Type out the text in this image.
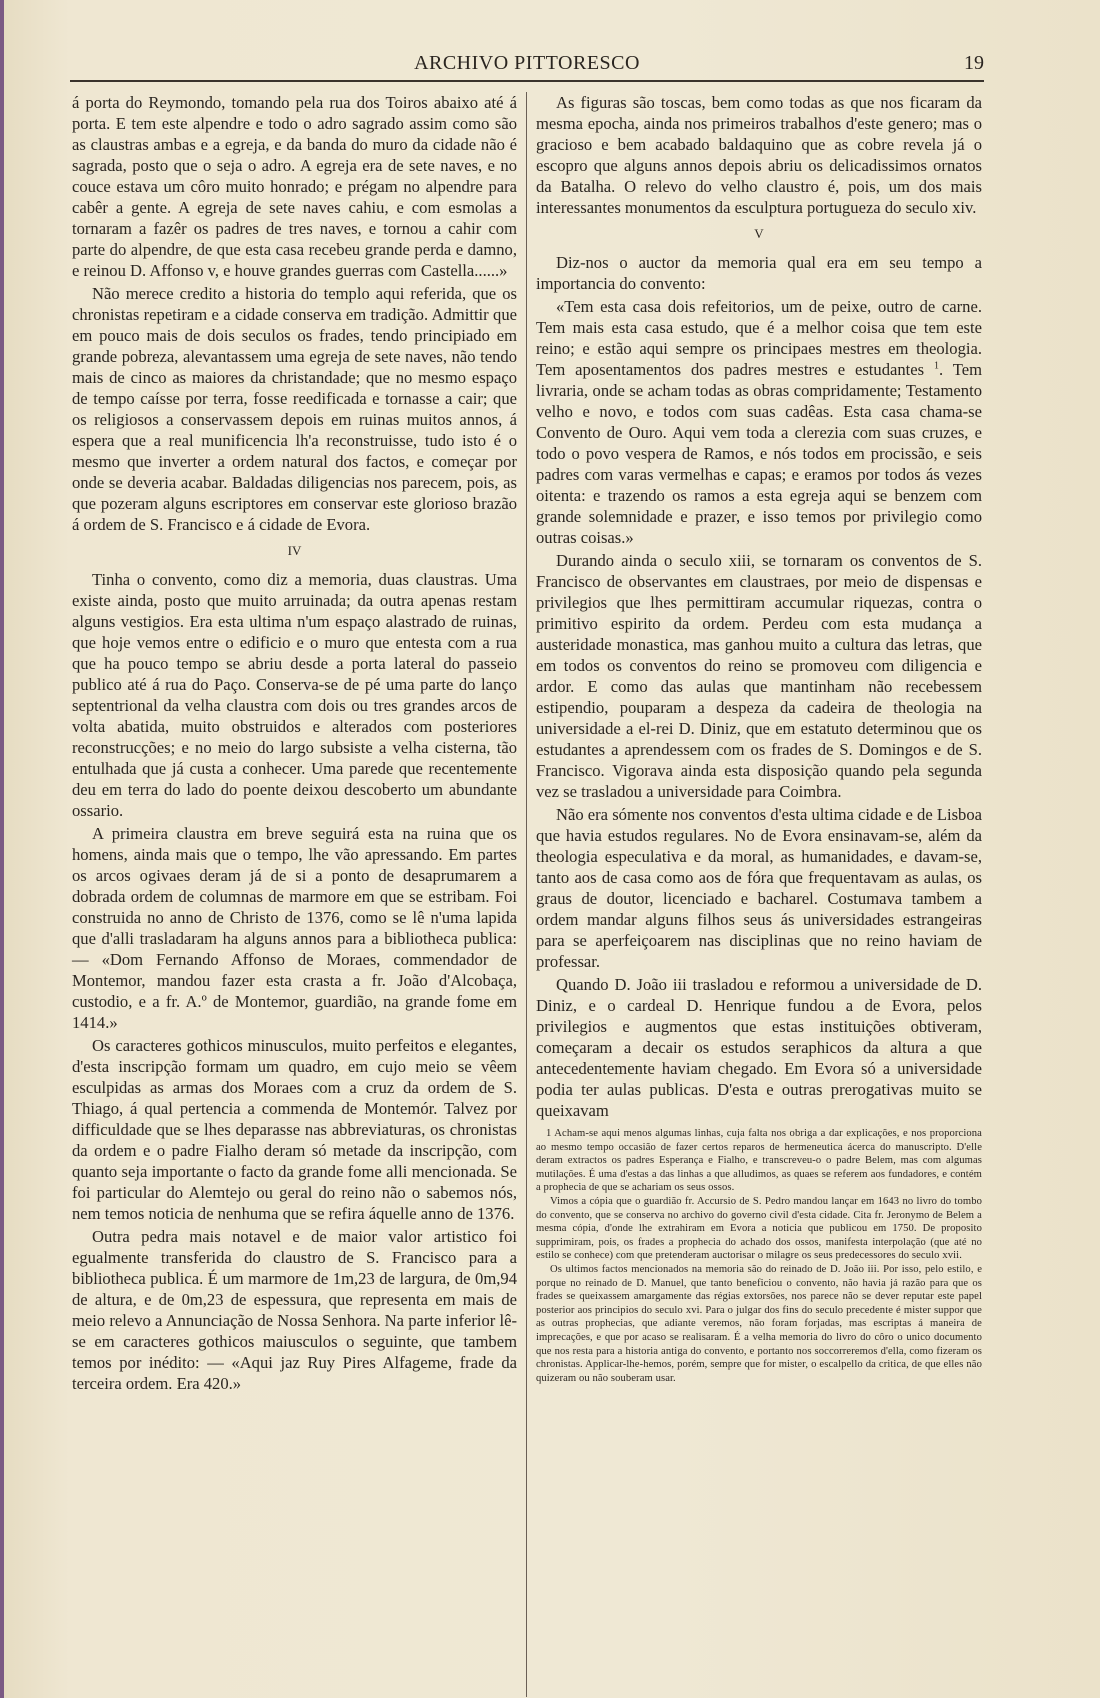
ARCHIVO PITTORESCO	19

á porta do Reymondo, tomando pela rua dos Toiros abaixo até á porta. E tem este alpendre e todo o adro sagrado assim como são as claustras ambas e a egreja, e da banda do muro da cidade não é sagrada, posto que o seja o adro. A egreja era de sete naves, e no couce estava um côro muito honrado; e prégam no alpendre para cabêr a gente. A egreja de sete naves cahiu, e com esmolas a tornaram a fazêr os padres de tres naves, e tornou a cahir com parte do alpendre, de que esta casa recebeu grande perda e damno, e reinou D. Affonso v, e houve grandes guerras com Castella......»

Não merece credito a historia do templo aqui referida, que os chronistas repetiram e a cidade conserva em tradição. Admittir que em pouco mais de dois seculos os frades, tendo principiado em grande pobreza, alevantassem uma egreja de sete naves, não tendo mais de cinco as maiores da christandade; que no mesmo espaço de tempo caísse por terra, fosse reedificada e tornasse a cair; que os religiosos a conservassem depois em ruinas muitos annos, á espera que a real munificencia lh'a reconstruisse, tudo isto é o mesmo que inverter a ordem natural dos factos, e começar por onde se deveria acabar. Baldadas diligencias nos parecem, pois, as que pozeram alguns escriptores em conservar este glorioso brazão á ordem de S. Francisco e á cidade de Evora.

IV

Tinha o convento, como diz a memoria, duas claustras. Uma existe ainda, posto que muito arruinada; da outra apenas restam alguns vestigios. Era esta ultima n'um espaço alastrado de ruinas, que hoje vemos entre o edificio e o muro que entesta com a rua que ha pouco tempo se abriu desde a porta lateral do passeio publico até á rua do Paço. Conserva-se de pé uma parte do lanço septentrional da velha claustra com dois ou tres grandes arcos de volta abatida, muito obstruidos e alterados com posteriores reconstrucções; e no meio do largo subsiste a velha cisterna, tão entulhada que já custa a conhecer. Uma parede que recentemente deu em terra do lado do poente deixou descoberto um abundante ossario.

A primeira claustra em breve seguirá esta na ruina que os homens, ainda mais que o tempo, lhe vão apressando. Em partes os arcos ogivaes deram já de si a ponto de desaprumarem a dobrada ordem de columnas de marmore em que se estribam. Foi construida no anno de Christo de 1376, como se lê n'uma lapida que d'alli trasladaram ha alguns annos para a bibliotheca publica: — «Dom Fernando Affonso de Moraes, commendador de Montemor, mandou fazer esta crasta a fr. João d'Alcobaça, custodio, e a fr. A.º de Montemor, guardião, na grande fome em 1414.»

Os caracteres gothicos minusculos, muito perfeitos e elegantes, d'esta inscripção formam um quadro, em cujo meio se vêem esculpidas as armas dos Moraes com a cruz da ordem de S. Thiago, á qual pertencia a commenda de Montemór. Talvez por difficuldade que se lhes deparasse nas abbreviaturas, os chronistas da ordem e o padre Fialho deram só metade da inscripção, com quanto seja importante o facto da grande fome alli mencionada. Se foi particular do Alemtejo ou geral do reino não o sabemos nós, nem temos noticia de nenhuma que se refira áquelle anno de 1376.

Outra pedra mais notavel e de maior valor artistico foi egualmente transferida do claustro de S. Francisco para a bibliotheca publica. É um marmore de 1m,23 de largura, de 0m,94 de altura, e de 0m,23 de espessura, que representa em mais de meio relevo a Annunciação de Nossa Senhora. Na parte inferior lê-se em caracteres gothicos maiusculos o seguinte, que tambem temos por inédito: — «Aqui jaz Ruy Pires Alfageme, frade da terceira ordem. Era 420.»

As figuras são toscas, bem como todas as que nos ficaram da mesma epocha, ainda nos primeiros trabalhos d'este genero; mas o gracioso e bem acabado baldaquino que as cobre revela já o escopro que alguns annos depois abriu os delicadissimos ornatos da Batalha. O relevo do velho claustro é, pois, um dos mais interessantes monumentos da esculptura portugueza do seculo xiv.

V

Diz-nos o auctor da memoria qual era em seu tempo a importancia do convento:

«Tem esta casa dois refeitorios, um de peixe, outro de carne. Tem mais esta casa estudo, que é a melhor coisa que tem este reino; e estão aqui sempre os principaes mestres em theologia. Tem aposentamentos dos padres mestres e estudantes $^1$. Tem livraria, onde se acham todas as obras compridamente; Testamento velho e novo, e todos com suas cadêas. Esta casa chama-se Convento de Ouro. Aqui vem toda a clerezia com suas cruzes, e todo o povo vespera de Ramos, e nós todos em procissão, e seis padres com varas vermelhas e capas; e eramos por todos ás vezes oitenta: e trazendo os ramos a esta egreja aqui se benzem com grande solemnidade e prazer, e isso temos por privilegio como outras coisas.»

Durando ainda o seculo xiii, se tornaram os conventos de S. Francisco de observantes em claustraes, por meio de dispensas e privilegios que lhes permittiram accumular riquezas, contra o primitivo espirito da ordem. Perdeu com esta mudança a austeridade monastica, mas ganhou muito a cultura das letras, que em todos os conventos do reino se promoveu com diligencia e ardor. E como das aulas que mantinham não recebessem estipendio, pouparam a despeza da cadeira de theologia na universidade a el-rei D. Diniz, que em estatuto determinou que os estudantes a aprendessem com os frades de S. Domingos e de S. Francisco. Vigorava ainda esta disposição quando pela segunda vez se trasladou a universidade para Coimbra.

Não era sómente nos conventos d'esta ultima cidade e de Lisboa que havia estudos regulares. No de Evora ensinavam-se, além da theologia especulativa e da moral, as humanidades, e davam-se, tanto aos de casa como aos de fóra que frequentavam as aulas, os graus de doutor, licenciado e bacharel. Costumava tambem a ordem mandar alguns filhos seus ás universidades estrangeiras para se aperfeiçoarem nas disciplinas que no reino haviam de professar.

Quando D. João iii trasladou e reformou a universidade de D. Diniz, e o cardeal D. Henrique fundou a de Evora, pelos privilegios e augmentos que estas instituições obtiveram, começaram a decair os estudos seraphicos da altura a que antecedentemente haviam chegado. Em Evora só a universidade podia ter aulas publicas. D'esta e outras prerogativas muito se queixavam

1 Acham-se aqui menos algumas linhas, cuja falta nos obriga a dar explicações, e nos proporciona ao mesmo tempo occasião de fazer certos reparos de hermeneutica ácerca do manuscripto. D'elle deram extractos os padres Esperança e Fialho, e transcreveu-o o padre Belem, mas com algumas mutilações. É uma d'estas a das linhas a que alludimos, as quaes se referem aos fundadores, e contém a prophecia de que se achariam os seus ossos.

Vimos a cópia que o guardião fr. Accursio de S. Pedro mandou lançar em 1643 no livro do tombo do convento, que se conserva no archivo do governo civil d'esta cidade. Cita fr. Jeronymo de Belem a mesma cópia, d'onde lhe extrahiram em Evora a noticia que publicou em 1750. De proposito supprimiram, pois, os frades a prophecia do achado dos ossos, manifesta interpolação (que até no estilo se conhece) com que pretenderam auctorisar o milagre os seus predecessores do seculo xvii.

Os ultimos factos mencionados na memoria são do reinado de D. João iii. Por isso, pelo estilo, e porque no reinado de D. Manuel, que tanto beneficiou o convento, não havia já razão para que os frades se queixassem amargamente das régias extorsões, nos parece não se dever reputar este papel posterior aos principios do seculo xvi. Para o julgar dos fins do seculo precedente é mister suppor que as outras prophecias, que adiante veremos, não foram forjadas, mas escriptas á maneira de imprecações, e que por acaso se realisaram. É a velha memoria do livro do côro o unico documento que nos resta para a historia antiga do convento, e portanto nos soccorreremos d'ella, como fizeram os chronistas. Applicar-lhe-hemos, porém, sempre que for mister, o escalpello da critica, de que elles não quizeram ou não souberam usar.
